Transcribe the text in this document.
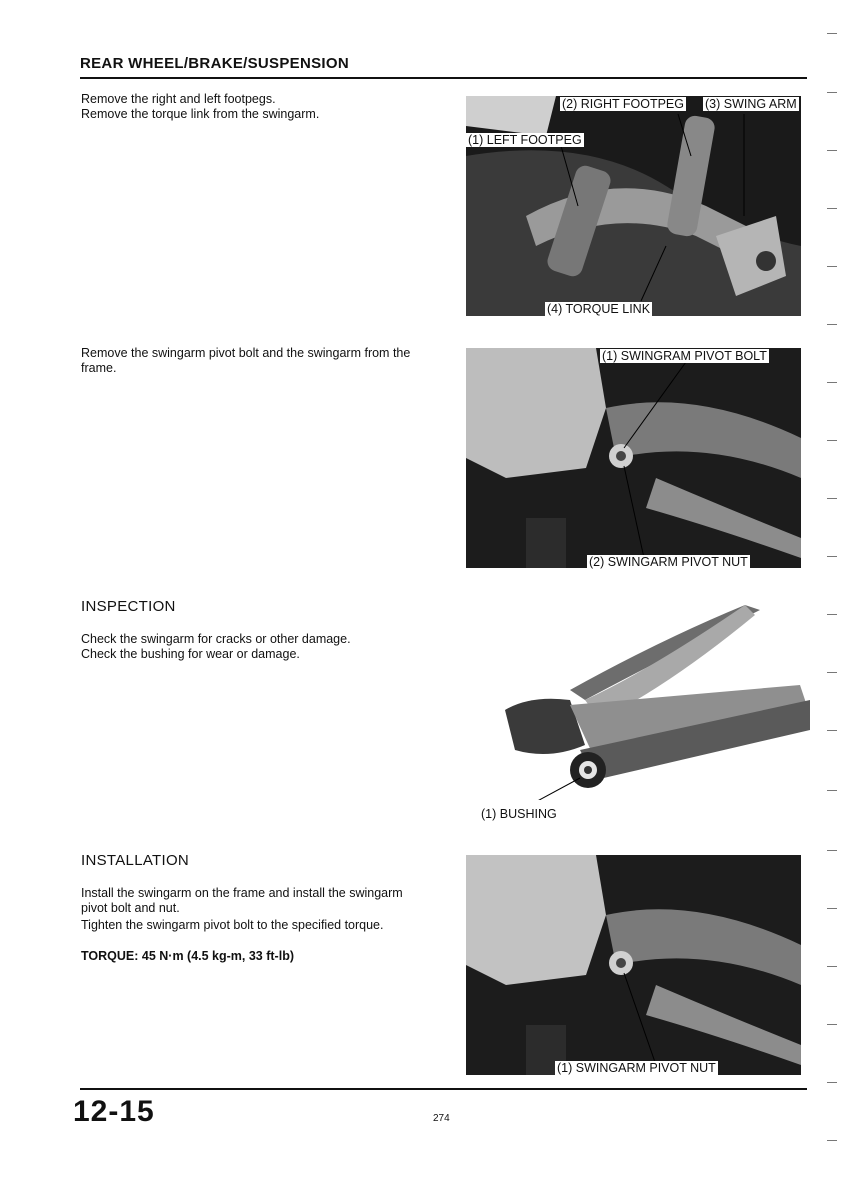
REAR WHEEL/BRAKE/SUSPENSION
Remove the right and left footpegs.
Remove the torque link from the swingarm.
Remove the swingarm pivot bolt and the swingarm from the
frame.
INSPECTION
Check the swingarm for cracks or other damage.
Check the bushing for wear or damage.
INSTALLATION
Install the swingarm on the frame and install the swingarm
pivot bolt and nut.
Tighten the swingarm pivot bolt to the specified torque.
TORQUE: 45 N·m (4.5 kg-m, 33 ft-lb)
(2) RIGHT FOOTPEG (3) SWING ARM
(1) LEFT FOOTPEG
(4) TORQUE LINK
(1) SWINGRAM PIVOT BOLT
(2) SWINGARM PIVOT NUT
(1) BUSHING
(1) SWINGARM PIVOT NUT
12-15	274
